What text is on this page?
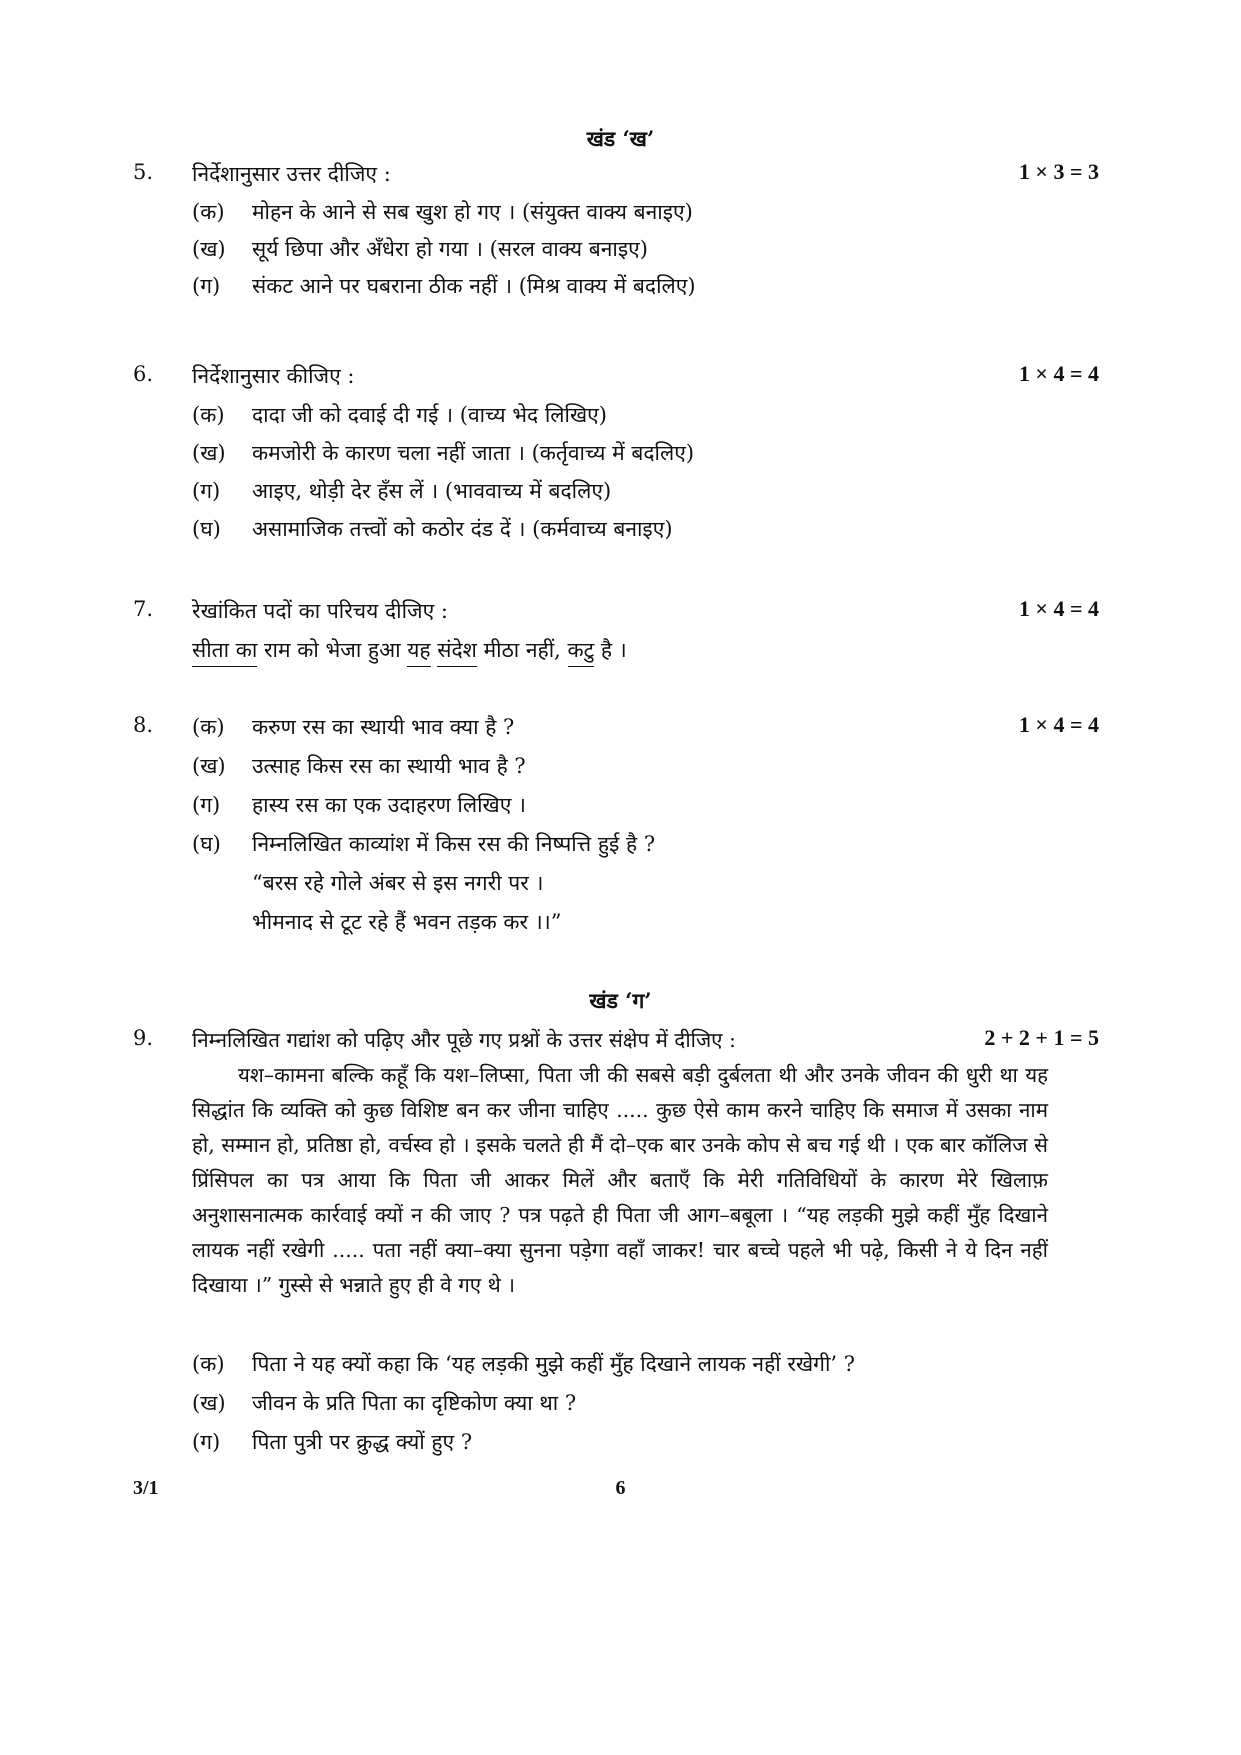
खंड ‘ख’
5. निर्देशानुसार उत्तर दीजिए :	1 × 3 = 3
(क) मोहन के आने से सब खुश हो गए । (संयुक्त वाक्य बनाइए)
(ख) सूर्य छिपा और अँधेरा हो गया । (सरल वाक्य बनाइए)
(ग) संकट आने पर घबराना ठीक नहीं । (मिश्र वाक्य में बदलिए)
6. निर्देशानुसार कीजिए :	1 × 4 = 4
(क) दादा जी को दवाई दी गई । (वाच्य भेद लिखिए)
(ख) कमजोरी के कारण चला नहीं जाता । (कर्तृवाच्य में बदलिए)
(ग) आइए, थोड़ी देर हँस लें । (भाववाच्य में बदलिए)
(घ) असामाजिक तत्त्वों को कठोर दंड दें । (कर्मवाच्य बनाइए)
7. रेखांकित पदों का परिचय दीजिए :	1 × 4 = 4
सीता का राम को भेजा हुआ यह संदेश मीठा नहीं, कटु है ।
8.	1 × 4 = 4
(क) करुण रस का स्थायी भाव क्या है ?
(ख) उत्साह किस रस का स्थायी भाव है ?
(ग) हास्य रस का एक उदाहरण लिखिए ।
(घ) निम्नलिखित काव्यांश में किस रस की निष्पत्ति हुई है ?
“बरस रहे गोले अंबर से इस नगरी पर ।
भीमनाद से टूट रहे हैं भवन तड़क कर ।।”
खंड ‘ग’
9. निम्नलिखित गद्यांश को पढ़िए और पूछे गए प्रश्नों के उत्तर संक्षेप में दीजिए :	2 + 2 + 1 = 5

यश–कामना बल्कि कहूँ कि यश–लिप्सा, पिता जी की सबसे बड़ी दुर्बलता थी और उनके जीवन की धुरी था यह सिद्धांत कि व्यक्ति को कुछ विशिष्ट बन कर जीना चाहिए ..... कुछ ऐसे काम करने चाहिए कि समाज में उसका नाम हो, सम्मान हो, प्रतिष्ठा हो, वर्चस्व हो । इसके चलते ही मैं दो–एक बार उनके कोप से बच गई थी । एक बार कॉलिज से प्रिंसिपल का पत्र आया कि पिता जी आकर मिलें और बताएँ कि मेरी गतिविधियों के कारण मेरे खिलाफ़ अनुशासनात्मक कार्रवाई क्यों न की जाए ? पत्र पढ़ते ही पिता जी आग–बबूला । “यह लड़की मुझे कहीं मुँह दिखाने लायक नहीं रखेगी ..... पता नहीं क्या–क्या सुनना पड़ेगा वहाँ जाकर! चार बच्चे पहले भी पढ़े, किसी ने ये दिन नहीं दिखाया ।” गुस्से से भन्नाते हुए ही वे गए थे ।

(क) पिता ने यह क्यों कहा कि ‘यह लड़की मुझे कहीं मुँह दिखाने लायक नहीं रखेगी’ ?
(ख) जीवन के प्रति पिता का दृष्टिकोण क्या था ?
(ग) पिता पुत्री पर क्रुद्ध क्यों हुए ?
3/1	6
